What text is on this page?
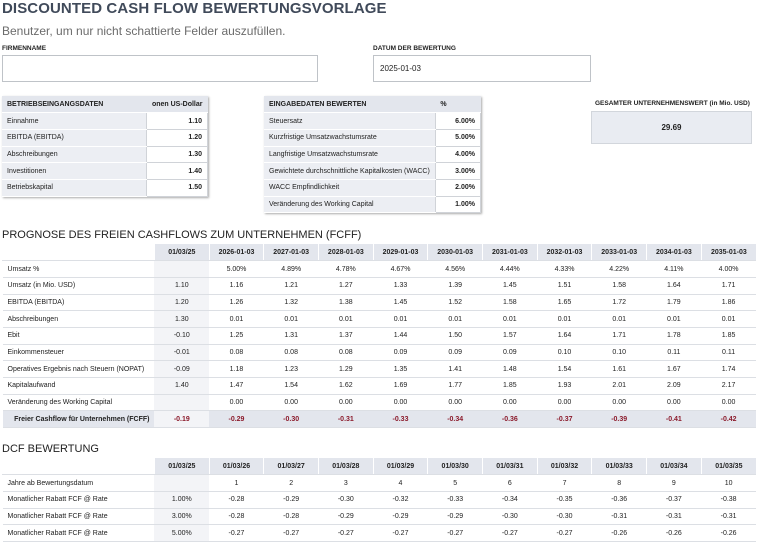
DISCOUNTED CASH FLOW BEWERTUNGSVORLAGE
Benutzer, um nur nicht schattierte Felder auszufüllen.
FIRMENNAME	DATUM DER BEWERTUNG
2025-01-03
BETRIEBSEINGANGSDATEN	onen US-Dollar
Einnahme	1.10
EBITDA (EBITDA)	1.20
Abschreibungen	1.30
Investitionen	1.40
Betriebskapital	1.50
EINGABEDATEN BEWERTEN	%
Steuersatz	6.00%
Kurzfristige Umsatzwachstumsrate	5.00%
Langfristige Umsatzwachstumsrate	4.00%
Gewichtete durchschnittliche Kapitalkosten (WACC)	3.00%
WACC Empfindlichkeit	2.00%
Veränderung des Working Capital	1.00%
GESAMTER UNTERNEHMENSWERT (in Mio. USD)
29.69
PROGNOSE DES FREIEN CASHFLOWS ZUM UNTERNEHMEN (FCFF)
	01/03/25	2026-01-03	2027-01-03	2028-01-03	2029-01-03	2030-01-03	2031-01-03	2032-01-03	2033-01-03	2034-01-03	2035-01-03
Umsatz %		5.00%	4.89%	4.78%	4.67%	4.56%	4.44%	4.33%	4.22%	4.11%	4.00%
Umsatz (in Mio. USD)	1.10	1.16	1.21	1.27	1.33	1.39	1.45	1.51	1.58	1.64	1.71
EBITDA (EBITDA)	1.20	1.26	1.32	1.38	1.45	1.52	1.58	1.65	1.72	1.79	1.86
Abschreibungen	1.30	0.01	0.01	0.01	0.01	0.01	0.01	0.01	0.01	0.01	0.01
Ebit	-0.10	1.25	1.31	1.37	1.44	1.50	1.57	1.64	1.71	1.78	1.85
Einkommensteuer	-0.01	0.08	0.08	0.08	0.09	0.09	0.09	0.10	0.10	0.11	0.11
Operatives Ergebnis nach Steuern (NOPAT)	-0.09	1.18	1.23	1.29	1.35	1.41	1.48	1.54	1.61	1.67	1.74
Kapitalaufwand	1.40	1.47	1.54	1.62	1.69	1.77	1.85	1.93	2.01	2.09	2.17
Veränderung des Working Capital		0.00	0.00	0.00	0.00	0.00	0.00	0.00	0.00	0.00	0.00
Freier Cashflow für Unternehmen (FCFF)	-0.19	-0.29	-0.30	-0.31	-0.33	-0.34	-0.36	-0.37	-0.39	-0.41	-0.42
DCF BEWERTUNG
	01/03/25	01/03/26	01/03/27	01/03/28	01/03/29	01/03/30	01/03/31	01/03/32	01/03/33	01/03/34	01/03/35
Jahre ab Bewertungsdatum		1	2	3	4	5	6	7	8	9	10
Monatlicher Rabatt FCF @ Rate	1.00%	-0.28	-0.29	-0.30	-0.32	-0.33	-0.34	-0.35	-0.36	-0.37	-0.38
Monatlicher Rabatt FCF @ Rate	3.00%	-0.28	-0.28	-0.29	-0.29	-0.29	-0.30	-0.30	-0.31	-0.31	-0.31
Monatlicher Rabatt FCF @ Rate	5.00%	-0.27	-0.27	-0.27	-0.27	-0.27	-0.27	-0.27	-0.26	-0.26	-0.26
